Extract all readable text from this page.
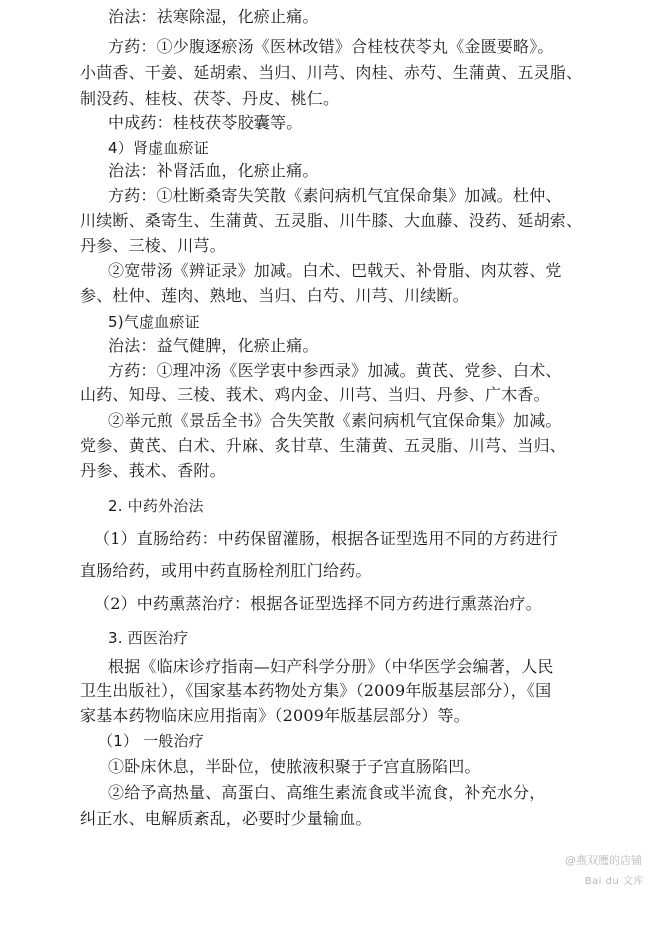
治法：祛寒除湿，化瘀止痛。
方药：①少腹逐瘀汤《医林改错》合桂枝茯苓丸《金匮要略》。
小茴香、干姜、延胡索、当归、川芎、肉桂、赤芍、生蒲黄、五灵脂、
制没药、桂枝、茯苓、丹皮、桃仁。
中成药：桂枝茯苓胶囊等。
4）肾虚血瘀证
治法：补肾活血，化瘀止痛。
方药：①杜断桑寄失笑散《素问病机气宜保命集》加减。杜仲、
川续断、桑寄生、生蒲黄、五灵脂、川牛膝、大血藤、没药、延胡索、
丹参、三棱、川芎。
②宽带汤《辨证录》加减。白术、巴戟天、补骨脂、肉苁蓉、党
参、杜仲、莲肉、熟地、当归、白芍、川芎、川续断。
5)气虚血瘀证
治法：益气健脾，化瘀止痛。
方药：①理冲汤《医学衷中参西录》加减。黄芪、党参、白术、
山药、知母、三棱、莪术、鸡内金、川芎、当归、丹参、广木香。
②举元煎《景岳全书》合失笑散《素问病机气宜保命集》加减。
党参、黄芪、白术、升麻、炙甘草、生蒲黄、五灵脂、川芎、当归、
丹参、莪术、香附。
2. 中药外治法
（1）直肠给药：中药保留灌肠，根据各证型选用不同的方药进行
直肠给药，或用中药直肠栓剂肛门给药。
（2）中药熏蒸治疗：根据各证型选择不同方药进行熏蒸治疗。
3. 西医治疗
根据《临床诊疗指南—妇产科学分册》（中华医学会编著，人民
卫生出版社），《国家基本药物处方集》（2009年版基层部分），《国
家基本药物临床应用指南》（2009年版基层部分）等。
（1） 一般治疗
①卧床休息，半卧位，使脓液积聚于子宫直肠陷凹。
②给予高热量、高蛋白、高维生素流食或半流食，补充水分，
纠正水、电解质紊乱，必要时少量输血。
@燕双鹰的店铺
Bai du 文库
